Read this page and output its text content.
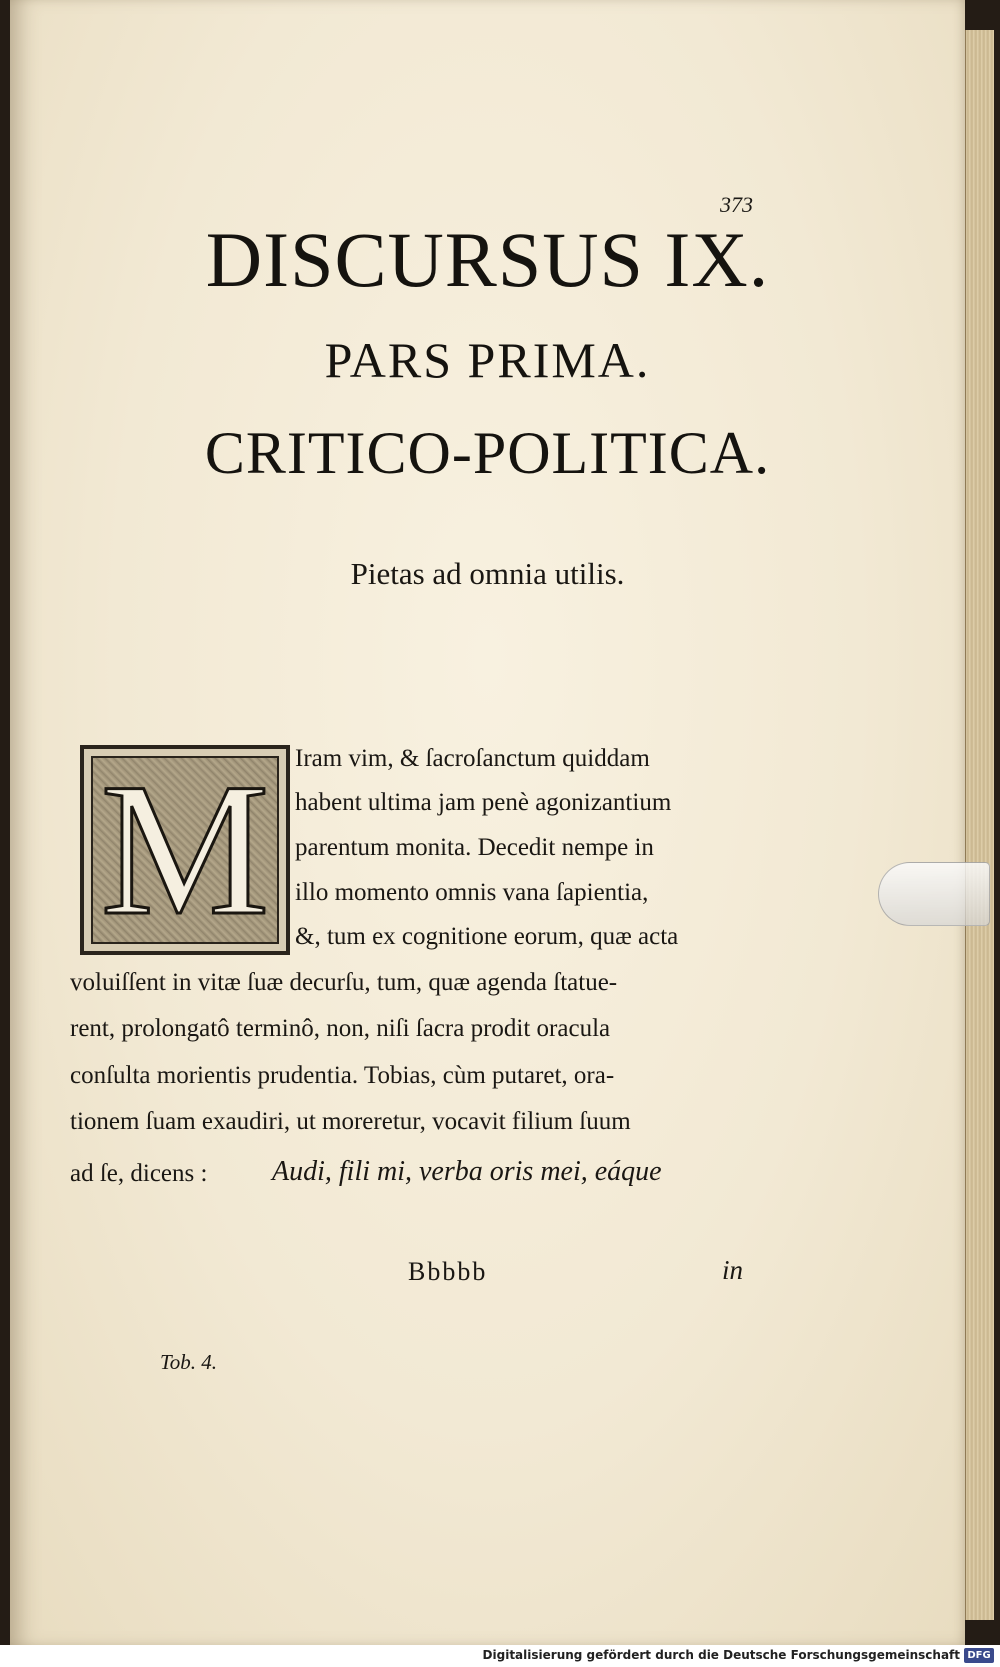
373
DISCURSUS IX.
PARS PRIMA.
CRITICO-POLITICA.
Pietas ad omnia utilis.
M Iram vim, & ſacroſanctum quiddam
habent ultima jam penè agonizantium
parentum monita. Decedit nempe in
illo momento omnis vana ſapientia,
&, tum ex cognitione eorum, quæ acta
voluiſſent in vitæ ſuæ decurſu, tum, quæ agenda ſtatue-
rent, prolongatô terminô, non, niſi ſacra prodit oracula
conſulta morientis prudentia. Tobias, cùm putaret, ora-
tionem ſuam exaudiri, ut moreretur, vocavit filium ſuum
ad ſe, dicens : Audi, fili mi, verba oris mei, eáque
Bbbbb	in
Tob. 4.
Digitalisierung gefördert durch die Deutsche Forschungsgemeinschaft DFG
